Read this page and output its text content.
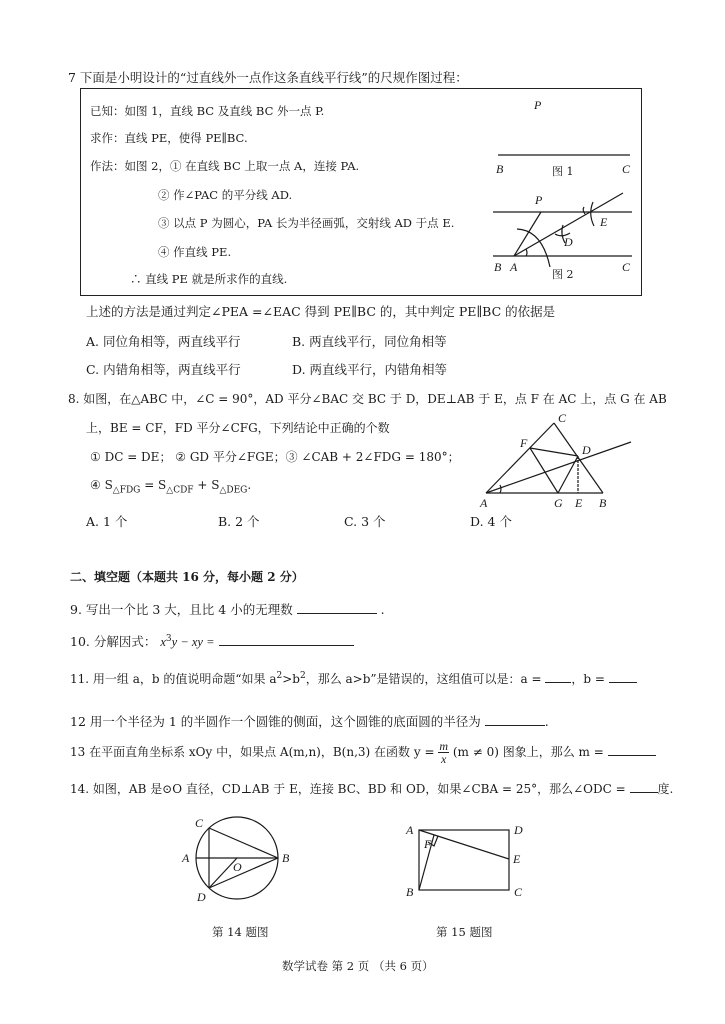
7 下面是小明设计的“过直线外一点作这条直线平行线”的尺规作图过程：
已知：如图 1，直线 BC 及直线 BC 外一点 P.
求作：直线 PE，使得 PE∥BC.
作法：如图 2，① 在直线 BC 上取一点 A，连接 PA.
② 作∠PAC 的平分线 AD.
③ 以点 P 为圆心，PA 长为半径画弧，交射线 AD 于点 E.
④ 作直线 PE.
∴ 直线 PE 就是所求作的直线.
P
B	C
图 1
P
E
D
B A	C
图 2
上述的方法是通过判定∠PEA =∠EAC 得到 PE∥BC 的，其中判定 PE∥BC 的依据是
A. 同位角相等，两直线平行	B. 两直线平行，同位角相等
C. 内错角相等，两直线平行	D. 两直线平行，内错角相等
8. 如图，在△ABC 中，∠C = 90°，AD 平分∠BAC 交 BC 于 D，DE⊥AB 于 E，点 F 在 AC 上，点 G 在 AB
上，BE = CF，FD 平分∠CFG，下列结论中正确的个数
① DC = DE； ② GD 平分∠FGE；③ ∠CAB + 2∠FDG = 180°；
④ $S_{\triangle FDG} = S_{\triangle CDF} + S_{\triangle DEG}$.
C
F	D
A	G E B
A. 1 个	B. 2 个	C. 3 个	D. 4 个
二、填空题（本题共 16 分，每小题 2 分）
9. 写出一个比 3 大，且比 4 小的无理数	.
10. 分解因式： $x^3y$ − xy =
11. 用一组 a，b 的值说明命题“如果 $a^2>b^2$，那么 a>b”是错误的，这组值可以是：a = ，b =
12 用一个半径为 1 的半圆作一个圆锥的侧面，这个圆锥的底面圆的半径为	.
13 在平面直角坐标系 xOy 中，如果点 A(m,n)，B(n,3) 在函数 $y = \frac{m}{x} (m \ne 0)$ 图象上，那么 m =
14. 如图，AB 是⊙O 直径，CD⊥AB 于 E，连接 BC、BD 和 OD，如果∠CBA = 25°，那么∠ODC =	度.
C
A
O
B
D
第 14 题图
A	D
F
E
B	C
第 15 题图
数学试卷 第 2 页 （共 6 页）
